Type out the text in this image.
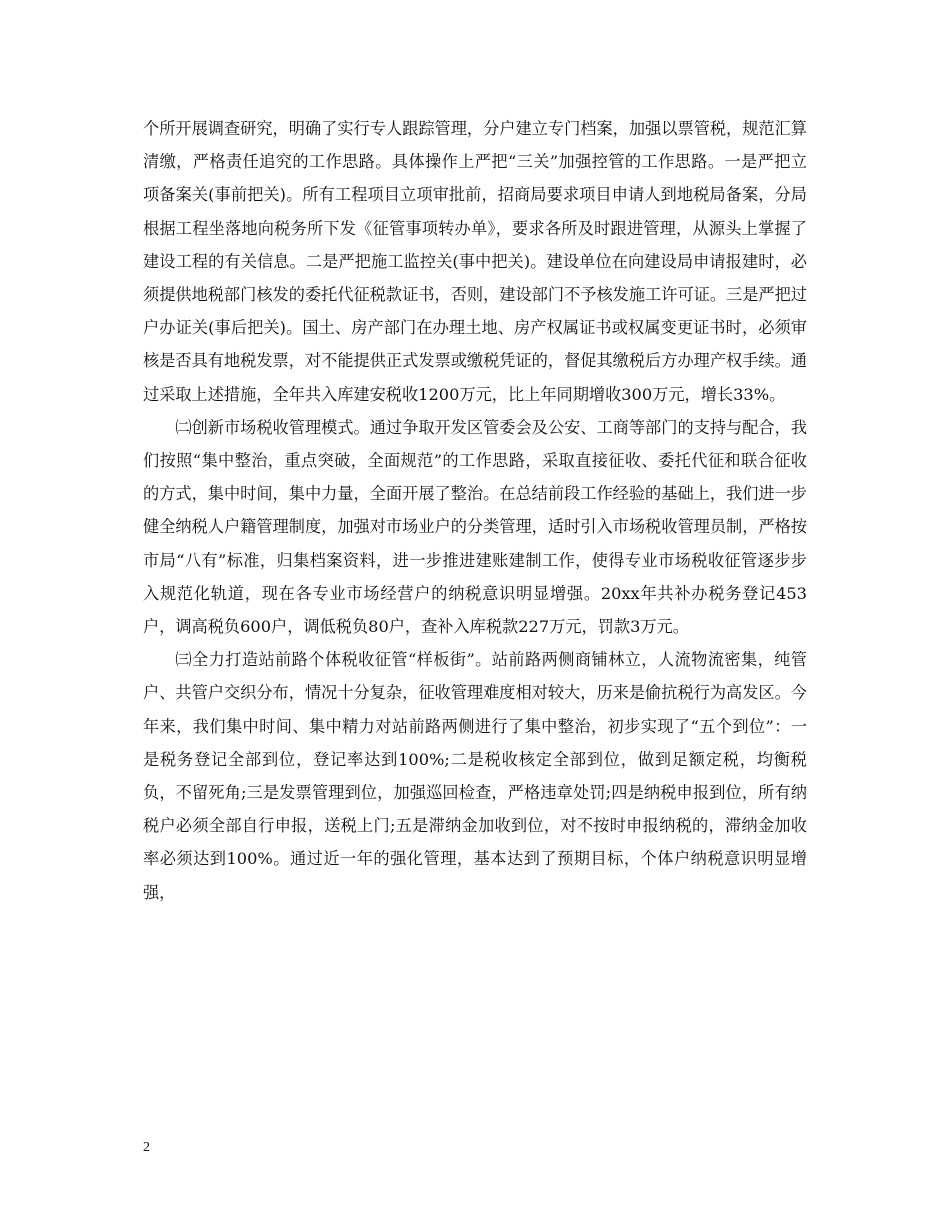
个所开展调查研究，明确了实行专人跟踪管理，分户建立专门档案，加强以票管税，规范汇算清缴，严格责任追究的工作思路。具体操作上严把“三关”加强控管的工作思路。一是严把立项备案关(事前把关)。所有工程项目立项审批前，招商局要求项目申请人到地税局备案，分局根据工程坐落地向税务所下发《征管事项转办单》，要求各所及时跟进管理，从源头上掌握了建设工程的有关信息。二是严把施工监控关(事中把关)。建设单位在向建设局申请报建时，必须提供地税部门核发的委托代征税款证书，否则，建设部门不予核发施工许可证。三是严把过户办证关(事后把关)。国土、房产部门在办理土地、房产权属证书或权属变更证书时，必须审核是否具有地税发票，对不能提供正式发票或缴税凭证的，督促其缴税后方办理产权手续。通过采取上述措施，全年共入库建安税收1200万元，比上年同期增收300万元，增长33%。

㈡创新市场税收管理模式。通过争取开发区管委会及公安、工商等部门的支持与配合，我们按照“集中整治，重点突破，全面规范”的工作思路，采取直接征收、委托代征和联合征收的方式，集中时间，集中力量，全面开展了整治。在总结前段工作经验的基础上，我们进一步健全纳税人户籍管理制度，加强对市场业户的分类管理，适时引入市场税收管理员制，严格按市局“八有”标准，归集档案资料，进一步推进建账建制工作，使得专业市场税收征管逐步步入规范化轨道，现在各专业市场经营户的纳税意识明显增强。20xx年共补办税务登记453户，调高税负600户，调低税负80户，查补入库税款227万元，罚款3万元。

㈢全力打造站前路个体税收征管“样板街”。站前路两侧商铺林立，人流物流密集，纯管户、共管户交织分布，情况十分复杂，征收管理难度相对较大，历来是偷抗税行为高发区。今年来，我们集中时间、集中精力对站前路两侧进行了集中整治，初步实现了“五个到位”：一是税务登记全部到位，登记率达到100%;二是税收核定全部到位，做到足额定税，均衡税负，不留死角;三是发票管理到位，加强巡回检查，严格违章处罚;四是纳税申报到位，所有纳税户必须全部自行申报，送税上门;五是滞纳金加收到位，对不按时申报纳税的，滞纳金加收率必须达到100%。通过近一年的强化管理，基本达到了预期目标，个体户纳税意识明显增强，

2
